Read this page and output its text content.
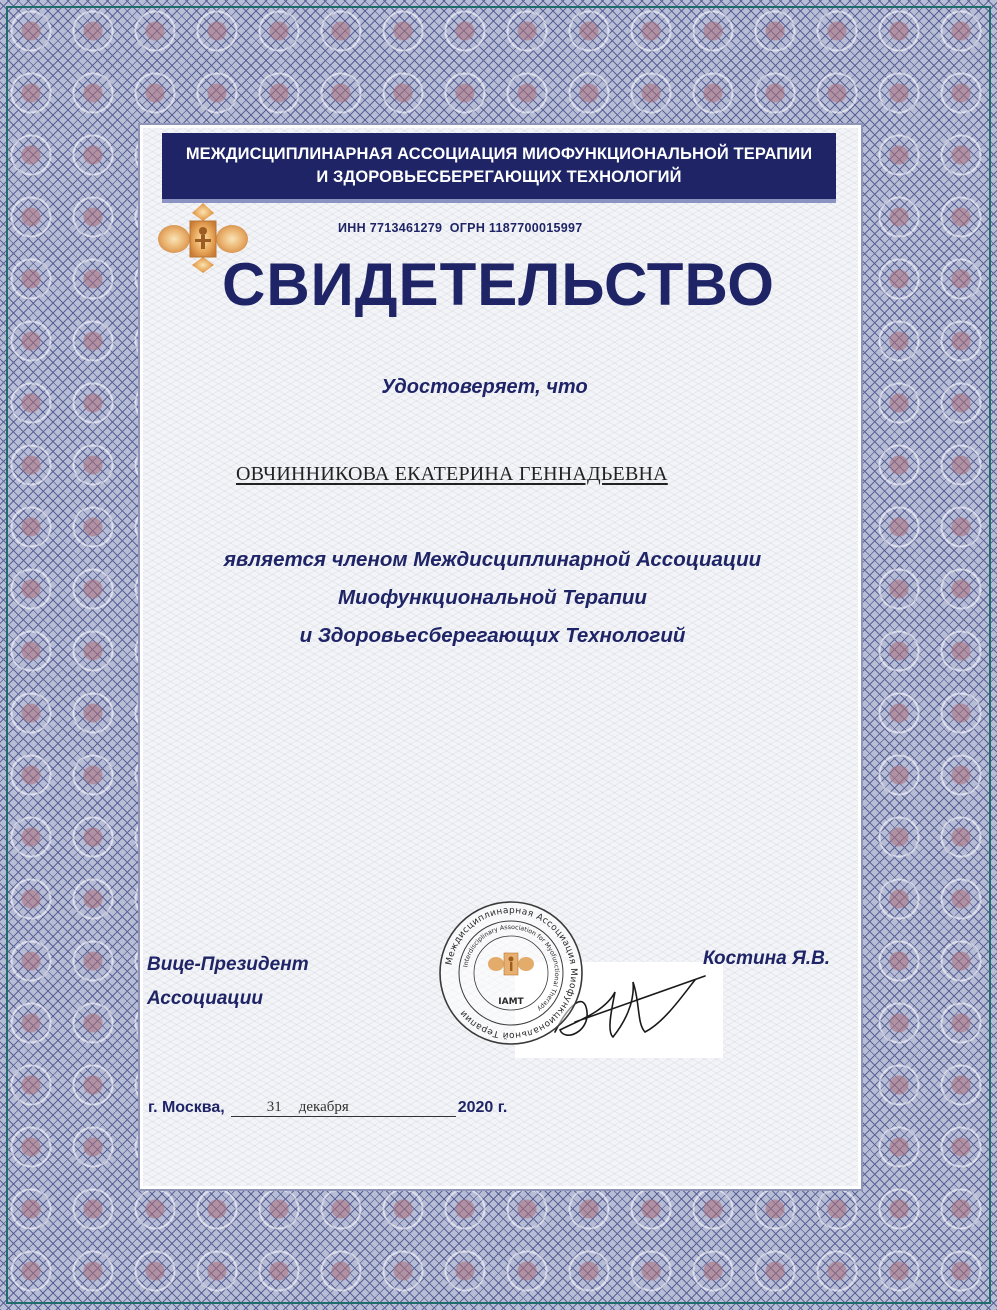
МЕЖДИСЦИПЛИНАРНАЯ АССОЦИАЦИЯ МИОФУНКЦИОНАЛЬНОЙ ТЕРАПИИ
И ЗДОРОВЬЕСБЕРЕГАЮЩИХ ТЕХНОЛОГИЙ
ИНН 7713461279  ОГРН 1187700015997
СВИДЕТЕЛЬСТВО
Удостоверяет, что
ОВЧИННИКОВА ЕКАТЕРИНА ГЕННАДЬЕВНА
является членом Междисциплинарной Ассоциации
Миофункциональной Терапии
и Здоровьесберегающих Технологий
Вице-Президент
Ассоциации
Междисциплинарная Ассоциация Миофункциональной Терапии
Interdisciplinary Association for Myofunctional Therapy
IAMT
Костина Я.В.
г. Москва,	31 декабря	2020 г.
